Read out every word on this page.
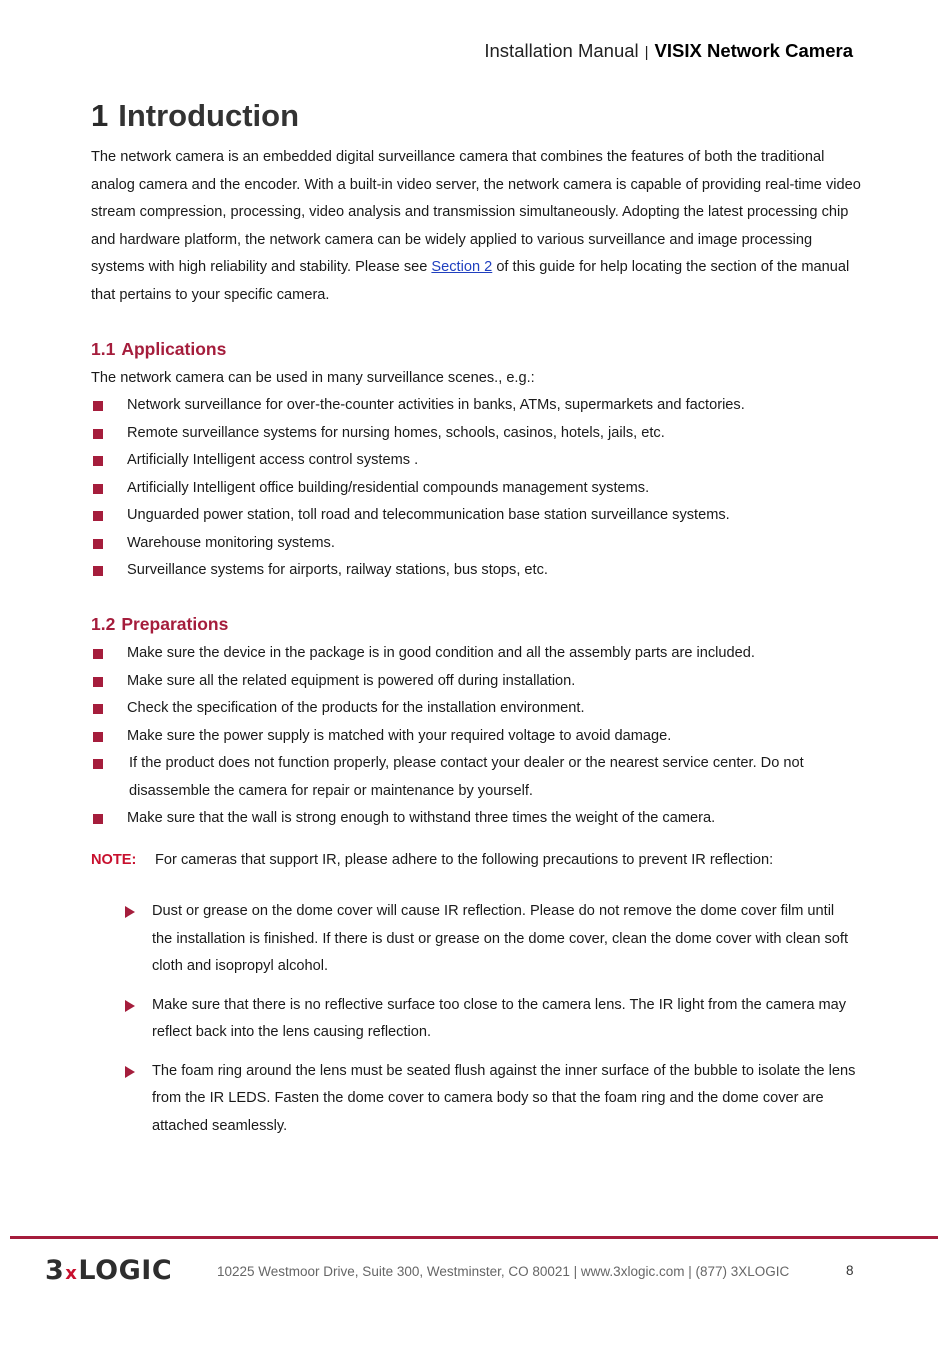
Installation Manual | VISIX Network Camera
1 Introduction
The network camera is an embedded digital surveillance camera that combines the features of both the traditional analog camera and the encoder. With a built-in video server, the network camera is capable of providing real-time video stream compression, processing, video analysis and transmission simultaneously. Adopting the latest processing chip and hardware platform, the network camera can be widely applied to various surveillance and image processing systems with high reliability and stability. Please see Section 2 of this guide for help locating the section of the manual that pertains to your specific camera.
1.1 Applications
The network camera can be used in many surveillance scenes., e.g.:
Network surveillance for over-the-counter activities in banks, ATMs, supermarkets and factories.
Remote surveillance systems for nursing homes, schools, casinos, hotels, jails, etc.
Artificially Intelligent access control systems .
Artificially Intelligent office building/residential compounds management systems.
Unguarded power station, toll road and telecommunication base station surveillance systems.
Warehouse monitoring systems.
Surveillance systems for airports, railway stations, bus stops, etc.
1.2 Preparations
Make sure the device in the package is in good condition and all the assembly parts are included.
Make sure all the related equipment is powered off during installation.
Check the specification of the products for the installation environment.
Make sure the power supply is matched with your required voltage to avoid damage.
If the product does not function properly, please contact your dealer or the nearest service center. Do not disassemble the camera for repair or maintenance by yourself.
Make sure that the wall is strong enough to withstand three times the weight of the camera.
NOTE: For cameras that support IR, please adhere to the following precautions to prevent IR reflection:
Dust or grease on the dome cover will cause IR reflection. Please do not remove the dome cover film until the installation is finished. If there is dust or grease on the dome cover, clean the dome cover with clean soft cloth and isopropyl alcohol.
Make sure that there is no reflective surface too close to the camera lens. The IR light from the camera may reflect back into the lens causing reflection.
The foam ring around the lens must be seated flush against the inner surface of the bubble to isolate the lens from the IR LEDS. Fasten the dome cover to camera body so that the foam ring and the dome cover are attached seamlessly.
3xLOGIC	10225 Westmoor Drive, Suite 300, Westminster, CO 80021 | www.3xlogic.com | (877) 3XLOGIC	8
